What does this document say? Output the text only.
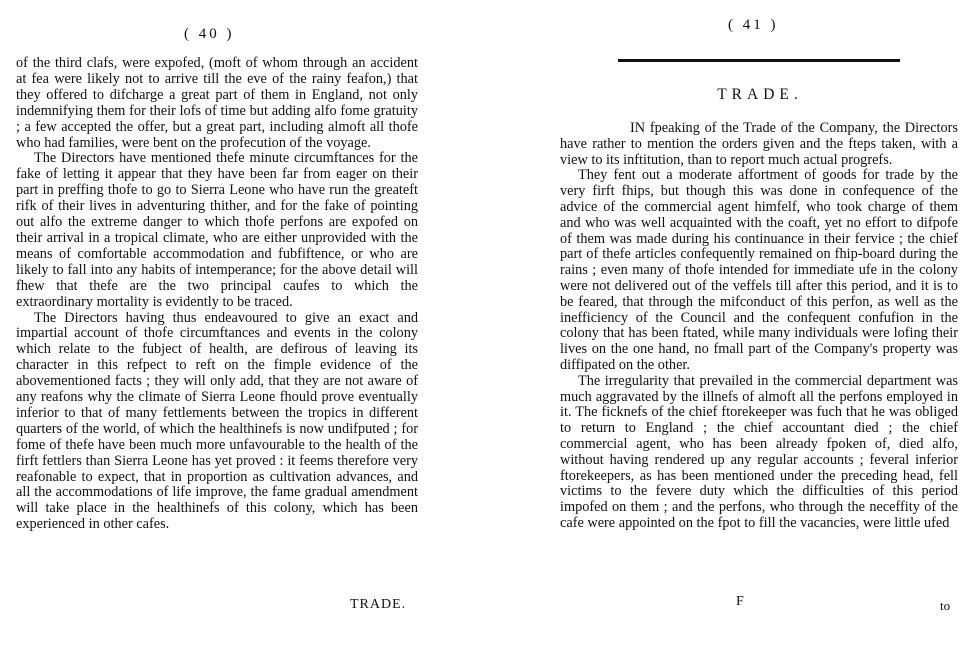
( 40 )

of the third clafs, were expofed, (moft of whom through an accident at fea were likely not to arrive till the eve of the rainy feafon,) that they offered to difcharge a great part of them in England, not only indemnifying them for their lofs of time but adding alfo fome gratuity ; a few accepted the offer, but a great part, including almoft all thofe who had families, were bent on the profecution of the voyage.

The Directors have mentioned thefe minute circumftances for the fake of letting it appear that they have been far from eager on their part in preffing thofe to go to Sierra Leone who have run the greateft rifk of their lives in adventuring thither, and for the fake of pointing out alfo the extreme danger to which thofe perfons are expofed on their arrival in a tropical climate, who are either unprovided with the means of comfortable accommodation and fubfiftence, or who are likely to fall into any habits of intemperance; for the above detail will fhew that thefe are the two principal caufes to which the extraordinary mortality is evidently to be traced.

The Directors having thus endeavoured to give an exact and impartial account of thofe circumftances and events in the colony which relate to the fubject of health, are defirous of leaving its character in this refpect to reft on the fimple evidence of the abovementioned facts ; they will only add, that they are not aware of any reafons why the climate of Sierra Leone fhould prove eventually inferior to that of many fettlements between the tropics in different quarters of the world, of which the healthinefs is now undifputed ; for fome of thefe have been much more unfavourable to the health of the firft fettlers than Sierra Leone has yet proved : it feems therefore very reafonable to expect, that in proportion as cultivation advances, and all the accommodations of life improve, the fame gradual amendment will take place in the healthinefs of this colony, which has been experienced in other cafes.

TRADE.
( 41 )
TRADE.

IN fpeaking of the Trade of the Company, the Directors have rather to mention the orders given and the fteps taken, with a view to its inftitution, than to report much actual progrefs.

They fent out a moderate affortment of goods for trade by the very firft fhips, but though this was done in confequence of the advice of the commercial agent himfelf, who took charge of them and who was well acquainted with the coaft, yet no effort to difpofe of them was made during his continuance in their fervice ; the chief part of thefe articles confequently remained on fhip-board during the rains ; even many of thofe intended for immediate ufe in the colony were not delivered out of the veffels till after this period, and it is to be feared, that through the mifconduct of this perfon, as well as the inefficiency of the Council and the confequent confufion in the colony that has been ftated, while many individuals were lofing their lives on the one hand, no fmall part of the Company's property was diffipated on the other.

The irregularity that prevailed in the commercial department was much aggravated by the illnefs of almoft all the perfons employed in it. The ficknefs of the chief ftorekeeper was fuch that he was obliged to return to England ; the chief accountant died ; the chief commercial agent, who has been already fpoken of, died alfo, without having rendered up any regular accounts ; feveral inferior ftorekeepers, as has been mentioned under the preceding head, fell victims to the fevere duty which the difficulties of this period impofed on them ; and the perfons, who through the neceffity of the cafe were appointed on the fpot to fill the vacancies, were little ufed

F	to
